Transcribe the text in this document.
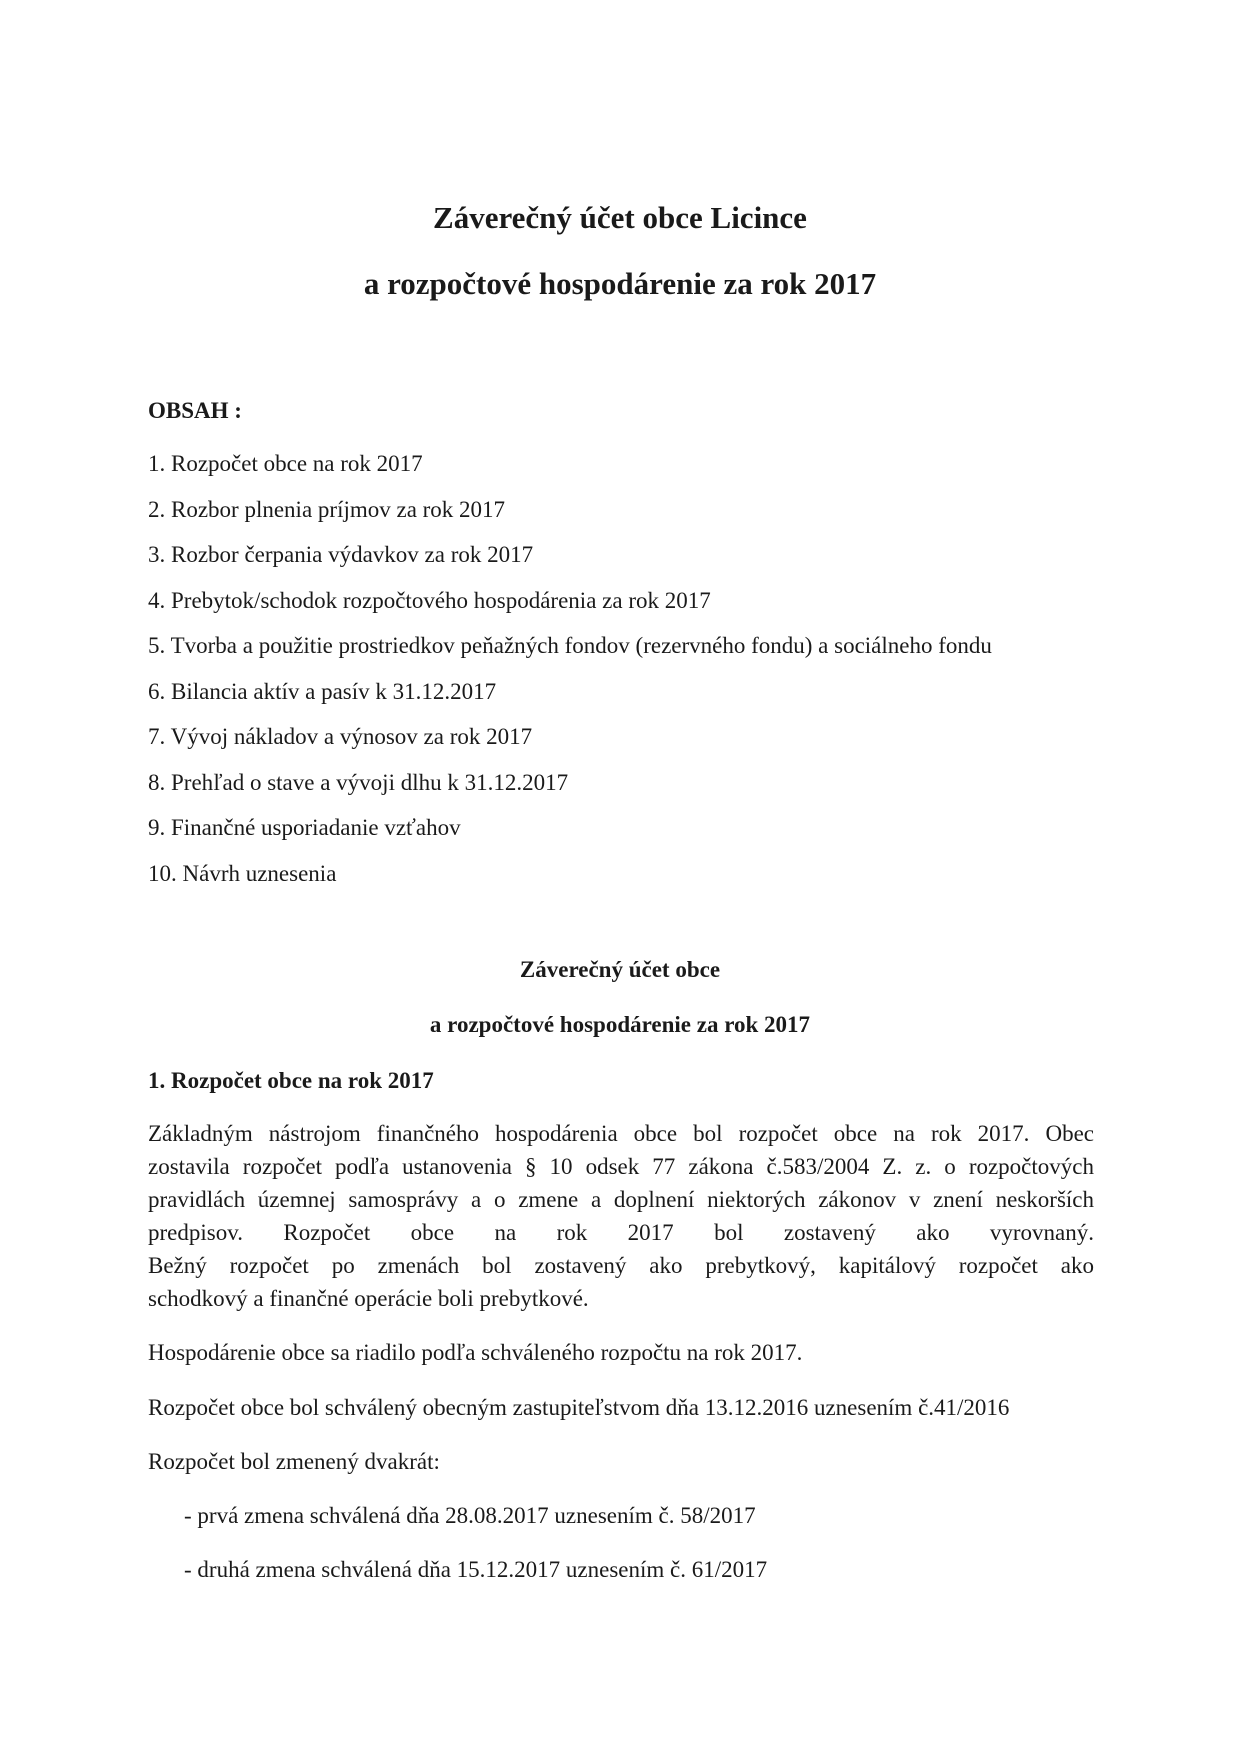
Záverečný účet obce Licince
a rozpočtové hospodárenie za rok 2017
OBSAH :
1. Rozpočet obce na rok 2017
2. Rozbor plnenia príjmov za rok 2017
3. Rozbor čerpania výdavkov za rok 2017
4. Prebytok/schodok rozpočtového hospodárenia za rok 2017
5. Tvorba a použitie prostriedkov peňažných fondov (rezervného fondu) a sociálneho fondu
6. Bilancia aktív a pasív k 31.12.2017
7. Vývoj nákladov a výnosov za rok 2017
8. Prehľad o stave a vývoji dlhu k 31.12.2017
9. Finančné usporiadanie vzťahov
10. Návrh uznesenia
Záverečný účet obce
a rozpočtové hospodárenie za rok 2017
1. Rozpočet obce na rok 2017
Základným nástrojom finančného hospodárenia obce bol rozpočet obce na rok 2017. Obec
zostavila rozpočet podľa ustanovenia § 10 odsek 77 zákona č.583/2004 Z. z. o rozpočtových
pravidlách územnej samosprávy a o zmene a doplnení niektorých zákonov v znení neskorších
predpisov. Rozpočet obce na rok 2017 bol zostavený ako vyrovnaný.
Bežný rozpočet po zmenách bol zostavený ako prebytkový, kapitálový rozpočet ako
schodkový a finančné operácie boli prebytkové.
Hospodárenie obce sa riadilo podľa schváleného rozpočtu na rok 2017.
Rozpočet obce bol schválený obecným zastupiteľstvom dňa 13.12.2016 uznesením č.41/2016
Rozpočet bol zmenený dvakrát:
- prvá zmena schválená dňa 28.08.2017 uznesením č. 58/2017
- druhá zmena schválená dňa 15.12.2017 uznesením č. 61/2017
